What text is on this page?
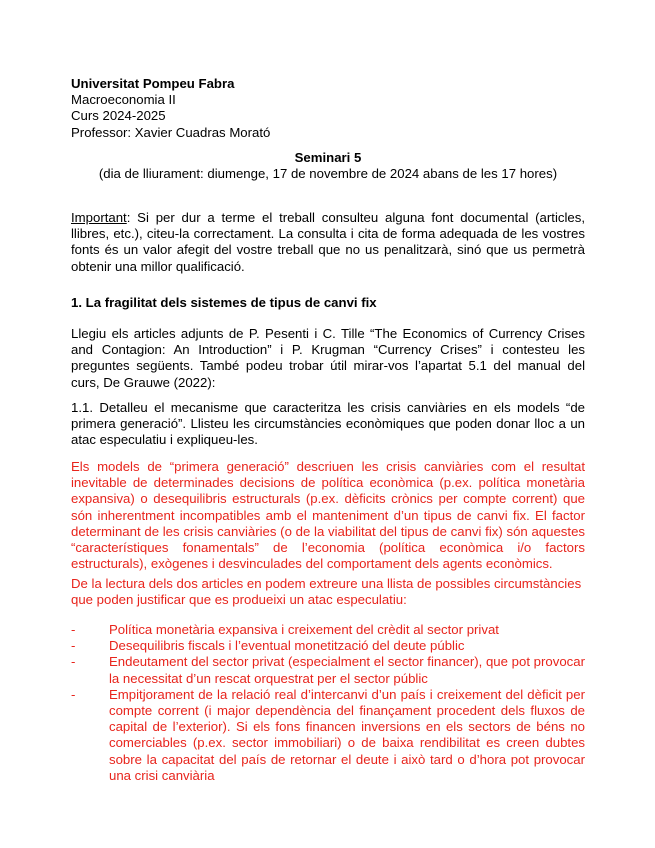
Universitat Pompeu Fabra
Macroeconomia II
Curs 2024-2025
Professor: Xavier Cuadras Morató
Seminari 5
(dia de lliurament: diumenge, 17 de novembre de 2024 abans de les 17 hores)
Important: Si per dur a terme el treball consulteu alguna font documental (articles, llibres, etc.), citeu-la correctament. La consulta i cita de forma adequada de les vostres fonts és un valor afegit del vostre treball que no us penalitzarà, sinó que us permetrà obtenir una millor qualificació.
1. La fragilitat dels sistemes de tipus de canvi fix
Llegiu els articles adjunts de P. Pesenti i C. Tille “The Economics of Currency Crises and Contagion: An Introduction” i P. Krugman “Currency Crises” i contesteu les preguntes següents. També podeu trobar útil mirar-vos l’apartat 5.1 del manual del curs, De Grauwe (2022):
1.1. Detalleu el mecanisme que caracteritza les crisis canviàries en els models “de primera generació”. Llisteu les circumstàncies econòmiques que poden donar lloc a un atac especulatiu i expliqueu-les.
Els models de “primera generació” descriuen les crisis canviàries com el resultat inevitable de determinades decisions de política econòmica (p.ex. política monetària expansiva) o desequilibris estructurals (p.ex. dèficits crònics per compte corrent) que són inherentment incompatibles amb el manteniment d’un tipus de canvi fix. El factor determinant de les crisis canviàries (o de la viabilitat del tipus de canvi fix) són aquestes “característiques fonamentals” de l’economia (política econòmica i/o factors estructurals), exògenes i desvinculades del comportament dels agents econòmics.
De la lectura dels dos articles en podem extreure una llista de possibles circumstàncies que poden justificar que es produeixi un atac especulatiu:
-	Política monetària expansiva i creixement del crèdit al sector privat
-	Desequilibris fiscals i l’eventual monetització del deute públic
-	Endeutament del sector privat (especialment el sector financer), que pot provocar la necessitat d’un rescat orquestrat per el sector públic
-	Empitjorament de la relació real d’intercanvi d’un país i creixement del dèficit per compte corrent (i major dependència del finançament procedent dels fluxos de capital de l’exterior). Si els fons financen inversions en els sectors de béns no comerciables (p.ex. sector immobiliari) o de baixa rendibilitat es creen dubtes sobre la capacitat del país de retornar el deute i això tard o d’hora pot provocar una crisi canviària
